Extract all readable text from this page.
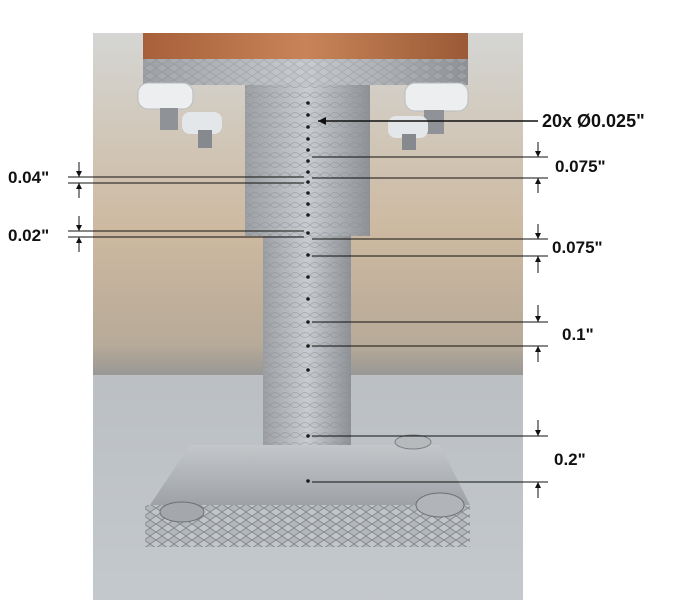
20x Ø0.025"
0.075"
0.075"
0.1"
0.2"
0.04"
0.02"
